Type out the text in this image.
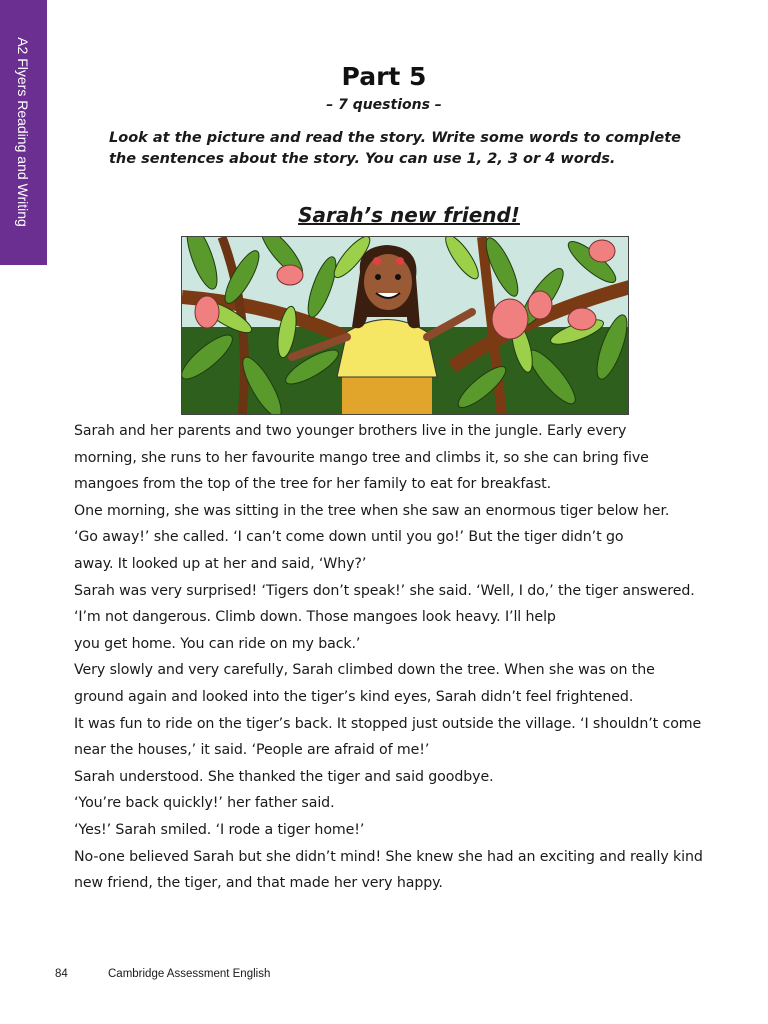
A2 Flyers Reading and Writing	Part 5
– 7 questions –
Look at the picture and read the story. Write some words to complete
the sentences about the story. You can use 1, 2, 3 or 4 words.
Sarah’s new friend!

Sarah and her parents and two younger brothers live in the jungle. Early every

morning, she runs to her favourite mango tree and climbs it, so she can bring five

mangoes from the top of the tree for her family to eat for breakfast.

One morning, she was sitting in the tree when she saw an enormous tiger below her.

‘Go away!’ she called. ‘I can’t come down until you go!’ But the tiger didn’t go

away. It looked up at her and said, ‘Why?’

Sarah was very surprised! ‘Tigers don’t speak!’ she said. ‘Well, I do,’ the tiger answered.

‘I’m not dangerous. Climb down. Those mangoes look heavy. I’ll help

you get home. You can ride on my back.’

Very slowly and very carefully, Sarah climbed down the tree. When she was on the

ground again and looked into the tiger’s kind eyes, Sarah didn’t feel frightened.

It was fun to ride on the tiger’s back. It stopped just outside the village. ‘I shouldn’t come

near the houses,’ it said. ‘People are afraid of me!’

Sarah understood. She thanked the tiger and said goodbye.

‘You’re back quickly!’ her father said.

‘Yes!’ Sarah smiled. ‘I rode a tiger home!’

No-one believed Sarah but she didn’t mind! She knew she had an exciting and really kind

new friend, the tiger, and that made her very happy.

84	Cambridge Assessment English
